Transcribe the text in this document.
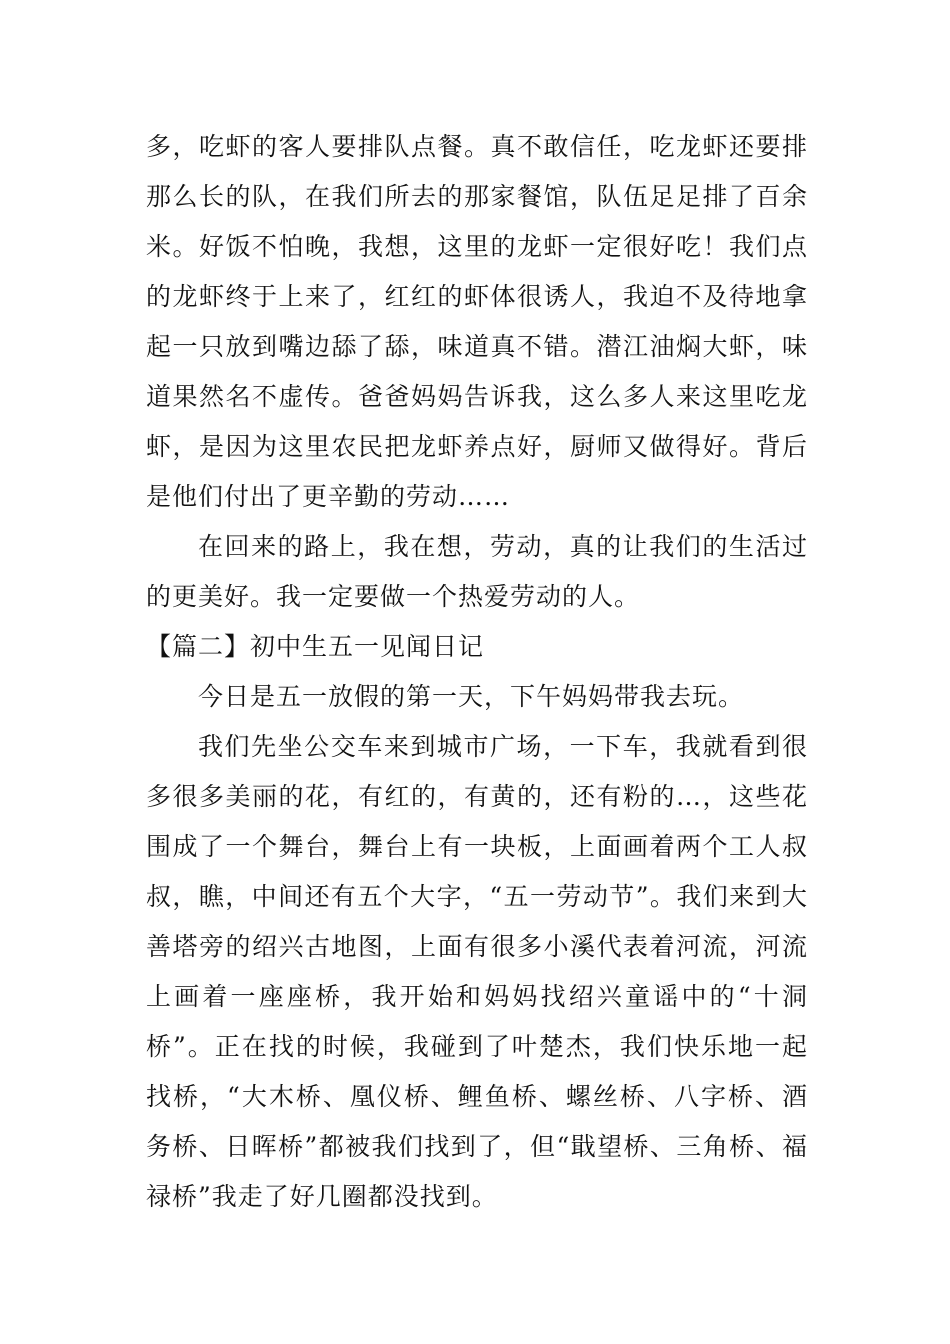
多，吃虾的客人要排队点餐。真不敢信任，吃龙虾还要排那么长的队，在我们所去的那家餐馆，队伍足足排了百余米。好饭不怕晚，我想，这里的龙虾一定很好吃！我们点的龙虾终于上来了，红红的虾体很诱人，我迫不及待地拿起一只放到嘴边舔了舔，味道真不错。潜江油焖大虾，味道果然名不虚传。爸爸妈妈告诉我，这么多人来这里吃龙虾，是因为这里农民把龙虾养点好，厨师又做得好。背后是他们付出了更辛勤的劳动……

在回来的路上，我在想，劳动，真的让我们的生活过的更美好。我一定要做一个热爱劳动的人。

【篇二】初中生五一见闻日记

今日是五一放假的第一天，下午妈妈带我去玩。

我们先坐公交车来到城市广场，一下车，我就看到很多很多美丽的花，有红的，有黄的，还有粉的…，这些花围成了一个舞台，舞台上有一块板，上面画着两个工人叔叔，瞧，中间还有五个大字，“五一劳动节”。我们来到大善塔旁的绍兴古地图，上面有很多小溪代表着河流，河流上画着一座座桥，我开始和妈妈找绍兴童谣中的“十洞桥”。正在找的时候，我碰到了叶楚杰，我们快乐地一起找桥，“大木桥、凰仪桥、鲤鱼桥、螺丝桥、八字桥、酒务桥、日晖桥”都被我们找到了，但“戢望桥、三角桥、福禄桥”我走了好几圈都没找到。
